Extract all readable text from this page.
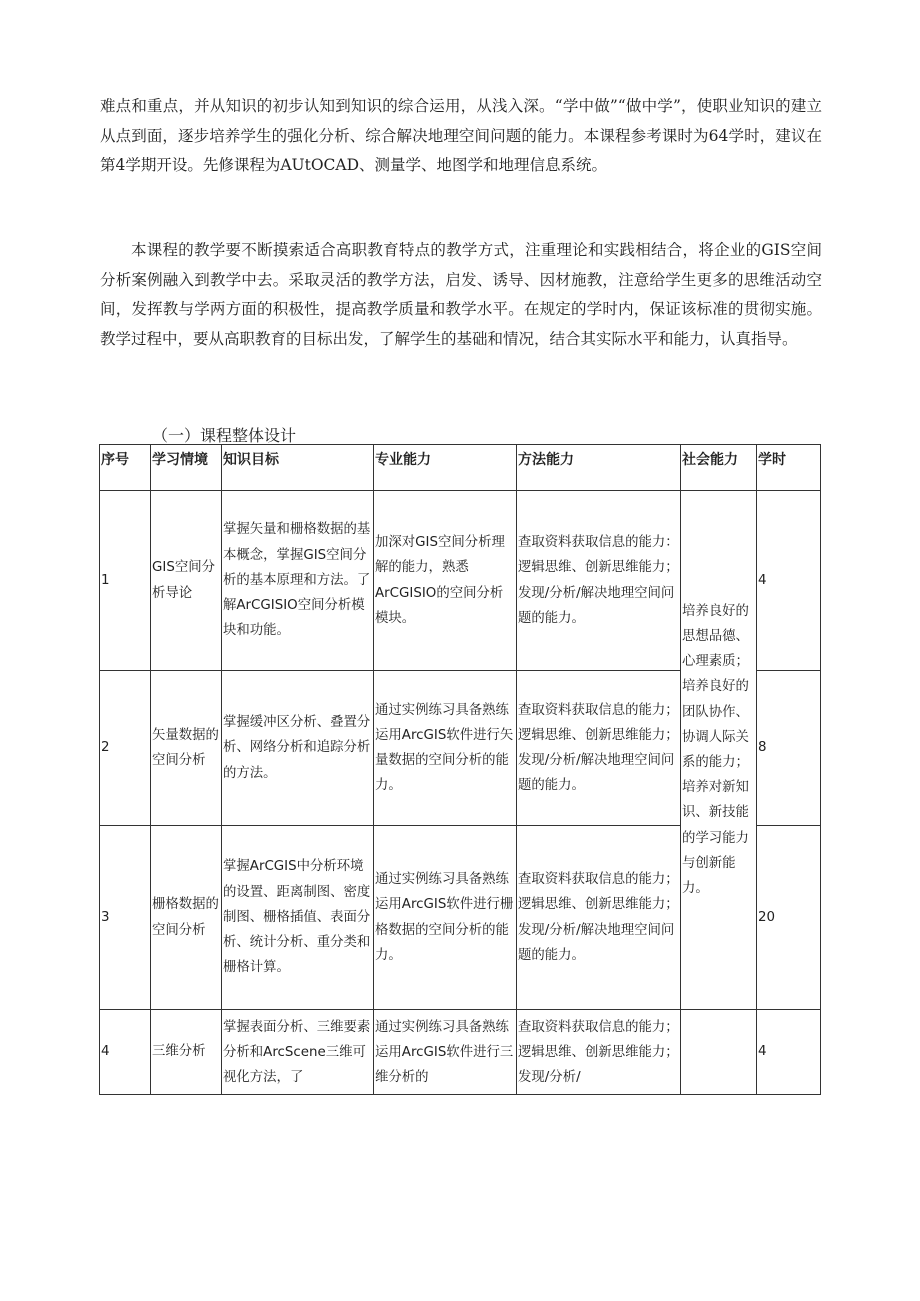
难点和重点，并从知识的初步认知到知识的综合运用，从浅入深。“学中做”“做中学”，使职业知识的建立从点到面，逐步培养学生的强化分析、综合解决地理空间问题的能力。本课程参考课时为64学时，建议在第4学期开设。先修课程为AUtOCAD、测量学、地图学和地理信息系统。
本课程的教学要不断摸索适合高职教育特点的教学方式，注重理论和实践相结合，将企业的GIS空间分析案例融入到教学中去。采取灵活的教学方法，启发、诱导、因材施教，注意给学生更多的思维活动空间，发挥教与学两方面的积极性，提高教学质量和教学水平。在规定的学时内，保证该标准的贯彻实施。教学过程中，要从高职教育的目标出发，了解学生的基础和情况，结合其实际水平和能力，认真指导。
（一）课程整体设计
序号	学习情境	知识目标	专业能力	方法能力	社会能力	学时
1	GIS空间分析导论	掌握矢量和栅格数据的基本概念，掌握GIS空间分析的基本原理和方法。了解ArCGISIO空间分析模块和功能。	加深对GIS空间分析理解的能力，熟悉ArCGISIO的空间分析模块。	查取资料获取信息的能力：逻辑思维、创新思维能力；发现/分析/解决地理空间问题的能力。	培养良好的思想品德、心理素质；培养良好的团队协作、协调人际关系的能力；培养对新知识、新技能的学习能力与创新能力。	4
2	矢量数据的空间分析	掌握缓冲区分析、叠置分析、网络分析和追踪分析的方法。	通过实例练习具备熟练运用ArcGIS软件进行矢量数据的空间分析的能力。	查取资料获取信息的能力；逻辑思维、创新思维能力；发现/分析/解决地理空间问题的能力。		8
3	栅格数据的空间分析	掌握ArCGIS中分析环境的设置、距离制图、密度制图、栅格插值、表面分析、统计分析、重分类和栅格计算。	通过实例练习具备熟练运用ArcGIS软件进行栅格数据的空间分析的能力。	查取资料获取信息的能力；逻辑思维、创新思维能力；发现/分析/解决地理空间问题的能力。		20
4	三维分析	掌握表面分析、三维要素分析和ArcScene三维可视化方法，了	通过实例练习具备熟练运用ArcGIS软件进行三维分析的	查取资料获取信息的能力；逻辑思维、创新思维能力；发现/分析/		4
